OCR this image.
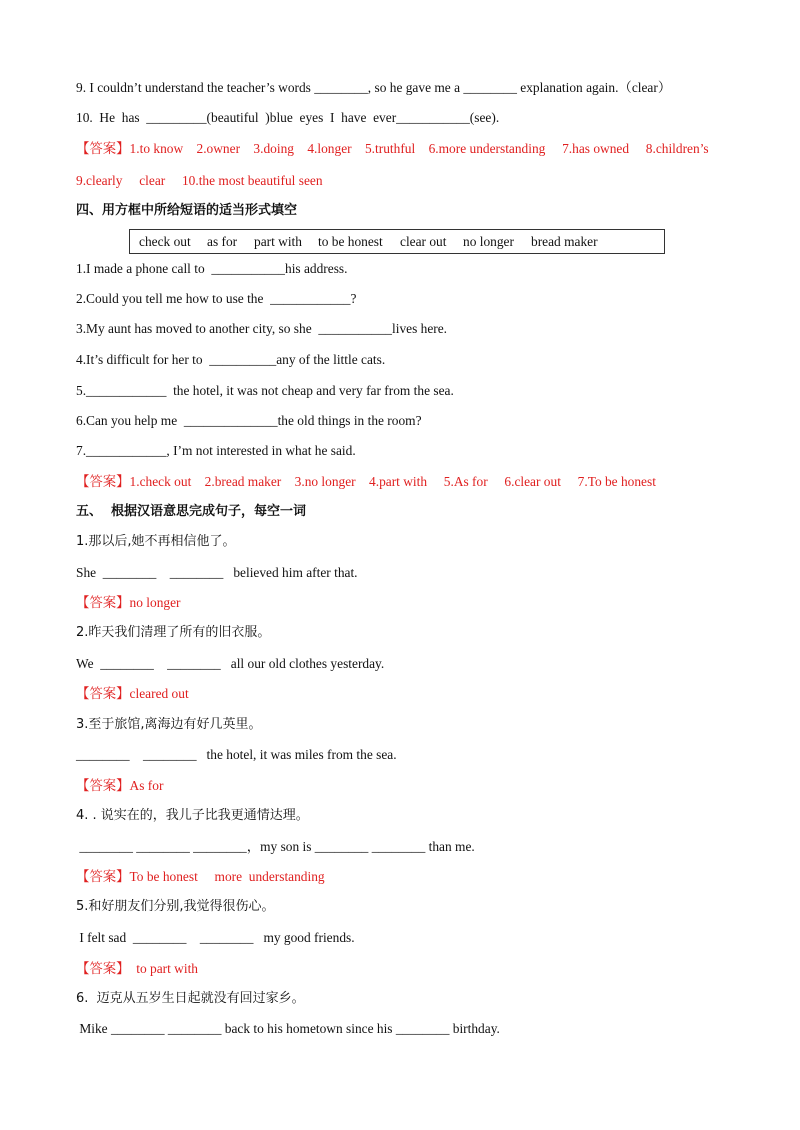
9. I couldn’t understand the teacher’s words ________, so he gave me a ________ explanation again.（clear）
10.  He  has  _________(beautiful  )blue  eyes  I  have  ever___________(see).
【答案】1.to know    2.owner    3.doing    4.longer    5.truthful    6.more understanding     7.has owned     8.children’s
9.clearly     clear     10.the most beautiful seen
四、用方框中所给短语的适当形式填空
check out as for part with to be honest clear out no longer bread maker
1.I made a phone call to  ___________his address.
2.Could you tell me how to use the  ____________?
3.My aunt has moved to another city, so she  ___________lives here.
4.It’s difficult for her to  __________any of the little cats.
5.____________  the hotel, it was not cheap and very far from the sea.
6.Can you help me  ______________the old things in the room?
7.____________, I’m not interested in what he said.
【答案】1.check out    2.bread maker    3.no longer    4.part with     5.As for     6.clear out     7.To be honest
五、  根据汉语意思完成句子，每空一词
1.那以后,她不再相信他了。
She  ________    ________   believed him after that.
【答案】no longer
2.昨天我们清理了所有的旧衣服。
We  ________    ________   all our old clothes yesterday.
【答案】cleared out
3.至于旅馆,离海边有好几英里。
________    ________   the hotel, it was miles from the sea.
【答案】As for
4. . 说实在的，我儿子比我更通情达理。
________ ________ ________，my son is ________ ________ than me.
【答案】To be honest     more  understanding
5.和好朋友们分别,我觉得很伤心。
I felt sad  ________    ________   my good friends.
【答案】  to part with
6.  迈克从五岁生日起就没有回过家乡。
Mike ________ ________ back to his hometown since his ________ birthday.
